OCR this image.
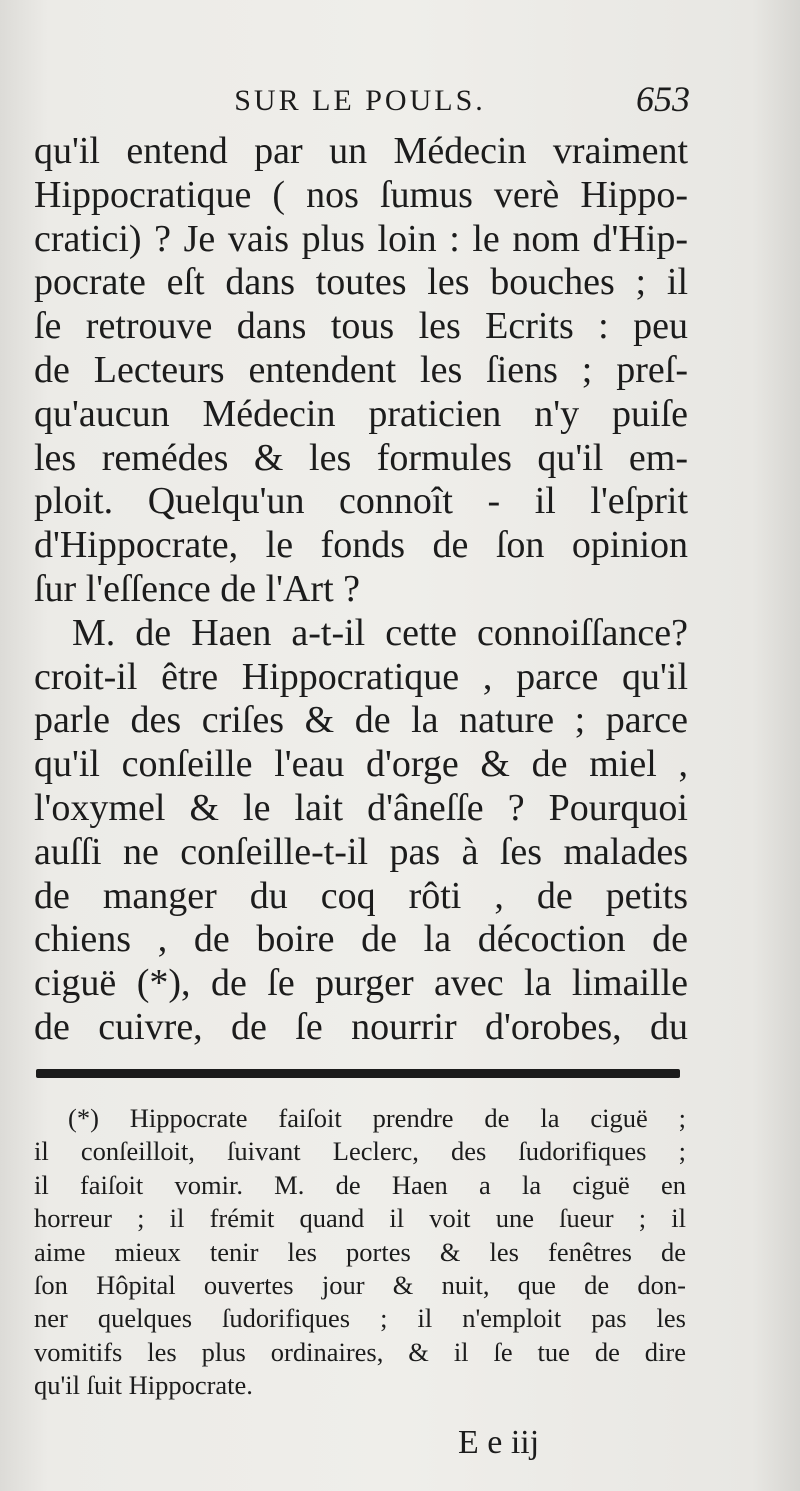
SUR LE POULS.	653
qu'il entend par un Médecin vraiment
Hippocratique ( nos ſumus verè Hippo-
cratici) ? Je vais plus loin : le nom d'Hip-
pocrate eſt dans toutes les bouches ; il
ſe retrouve dans tous les Ecrits : peu
de Lecteurs entendent les ſiens ; preſ-
qu'aucun Médecin praticien n'y puiſe
les remédes & les formules qu'il em-
ploit. Quelqu'un connoît - il l'eſprit
d'Hippocrate, le fonds de ſon opinion
ſur l'eſſence de l'Art ?
M. de Haen a-t-il cette connoiſſance?
croit-il être Hippocratique , parce qu'il
parle des criſes & de la nature ; parce
qu'il conſeille l'eau d'orge & de miel ,
l'oxymel & le lait d'âneſſe ? Pourquoi
auſſi ne conſeille-t-il pas à ſes malades
de manger du coq rôti , de petits
chiens , de boire de la décoction de
ciguë (*), de ſe purger avec la limaille
de cuivre, de ſe nourrir d'orobes, du
(*) Hippocrate faiſoit prendre de la ciguë ;
il conſeilloit, ſuivant Leclerc, des ſudorifiques ;
il faiſoit vomir. M. de Haen a la ciguë en
horreur ; il frémit quand il voit une ſueur ; il
aime mieux tenir les portes & les fenêtres de
ſon Hôpital ouvertes jour & nuit, que de don-
ner quelques ſudorifiques ; il n'emploit pas les
vomitifs les plus ordinaires, & il ſe tue de dire
qu'il ſuit Hippocrate.
E e iij
